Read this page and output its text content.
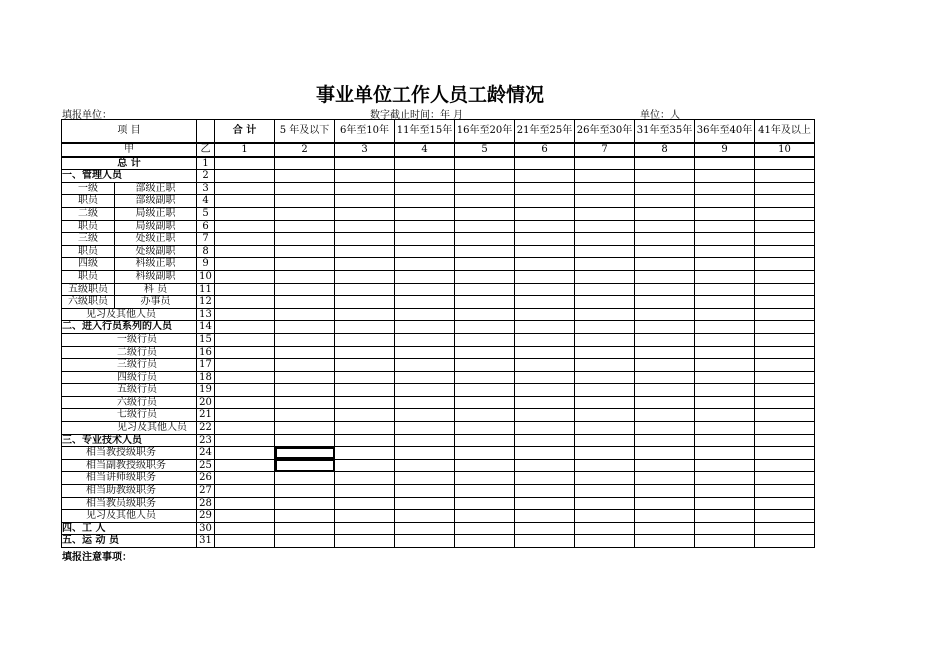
事业单位工作人员工龄情况
填报单位：	数字截止时间：年 月	单位：人
项 目			合 计	5 年及以下	6年至10年	11年至15年	16年至20年	21年至25年	26年至30年	31年至35年	36年至40年	41年及以上
甲		乙	1	2	3	4	5	6	7	8	9	10
总 计		1										
一、管理人员		2										
一级	部级正职	3										
职员	部级副职	4										
二级	局级正职	5										
职员	局级副职	6										
三级	处级正职	7										
职员	处级副职	8										
四级	科级正职	9										
职员	科级副职	10										
五级职员	科 员	11										
六级职员	办事员	12										
见习及其他人员		13										
二、进入行员系列的人员		14										
一级行员		15										
二级行员		16										
三级行员		17										
四级行员		18										
五级行员		19										
六级行员		20										
七级行员		21										
见习及其他人员		22										
三、专业技术人员		23										
相当教授级职务		24										
相当副教授级职务		25										
相当讲师级职务		26										
相当助教级职务		27										
相当教员级职务		28										
见习及其他人员		29										
四、工 人		30										
五、运 动 员		31										
填报注意事项：
